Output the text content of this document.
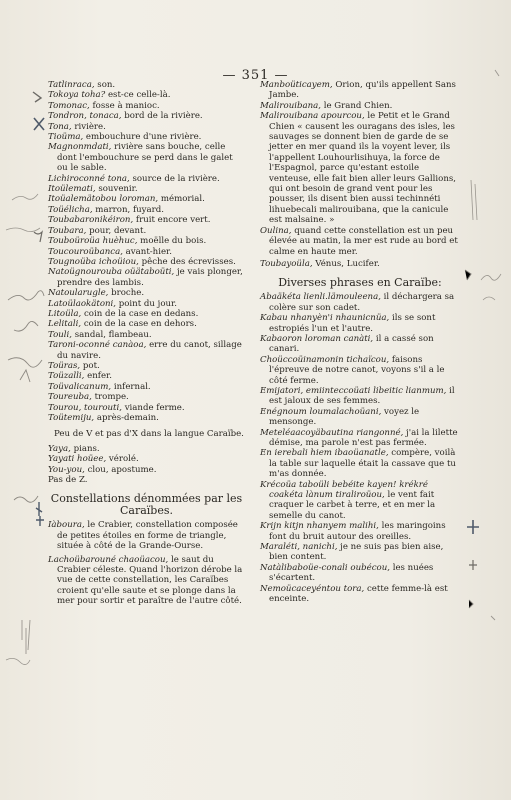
— 351 —

Tatlinraca, son.

Tokoya toha? est-ce celle-là.

Tomonac, fosse à manioc.

Tondron, tonaca, bord de la rivière.

Tona, rivière.

Tioüma, embouchure d'une rivière.

Magnonmdati, rivière sans bouche, celle dont l'embouchure se perd dans le galet ou le sable.

Lichiroconné tona, source de la rivière.

Itoülemati, souvenir.

Itoüalemätobou loroman, mémorial.

Toüélicha, marron, fuyard.

Toubabaronikéiron, fruit encore vert.

Toubara, pour, devant.

Touboüroüa huèhuc, moëlle du bois.

Toucouroübanca, avant-hier.

Tougnoüba ichoüiou, pêche des écrevisses.

Natoügnourouba oüätaboüti, je vais plonger, prendre des lambis.

Natoularugle, broche.

Latoülaokätoni, point du jour.

Litoüla, coin de la case en dedans.

Lelitali, coin de la case en dehors.

Touli, sandal, flambeau.

Taroni-oconné canàoa, erre du canot, sillage du navire.

Toüras, pot.

Toüzalli, enfer.

Toüvalicanum, infernal.

Toureuba, trompe.

Tourou, tourouti, viande ferme.

Toütemiju, après-demain.

Peu de V et pas d'X dans la langue Caraïbe.

Yaya, pians.

Yayati hoüee, vérolé.

You-you, clou, apostume.

Pas de Z.

Constellations dénommées par les Caraïbes.

Iàboura, le Crabier, constellation composée de petites étoiles en forme de triangle, située à côté de la Grande-Ourse.

Lachoübarouné chaoüacou, le saut du Crabier céleste. Quand l'horizon dérobe la vue de cette constellation, les Caraïbes croient qu'elle saute et se plonge dans la mer pour sortir et paraître de l'autre côté.

Manboüticayem, Orion, qu'ils appellent Sans Jambe.

Malirouibana, le Grand Chien.

Malirouibana apourcou, le Petit et le Grand Chien « causent les ouragans des isles, les sauvages se donnent bien de garde de se jetter en mer quand ils la voyent lever, ils l'appellent Louhourlisihuya, la force de l'Espagnol, parce qu'estant estoile venteuse, elle fait bien aller leurs Gallions, qui ont besoin de grand vent pour les pousser, ils disent bien aussi techinnéti lihuebecali malirouibana, que la canicule est malsaine. »

Oulina, quand cette constellation est un peu élevée au matin, la mer est rude au bord et calme en haute mer.

Toubayoüla, Vénus, Lucifer.

Diverses phrases en Caraïbe:

Abaäkéta lienli.lämouleena, il déchargera sa colère sur son cadet.

Kabau nhanyèn'i nhaunicnüa, ils se sont estropiés l'un et l'autre.

Kabaoron loroman canàti, il a cassé son canari.

Choüccoüinamonin tichaïcou, faisons l'épreuve de notre canot, voyons s'il a le côté ferme.

Emijatori, emiinteccoüati libeitic lianmum, il est jaloux de ses femmes.

Enégnoum loumalachoüani, voyez le mensonge.

Meteléaacoyäbautina riangonné, j'ai la lilette démise, ma parole n'est pas fermée.

En ierebali hiem ibaoüanatle, compère, voilà la table sur laquelle était la cassave que tu m'as donnée.

Krécoüa taboüli bebéite kayen! krékré coakéta lànum tiraliroüou, le vent fait craquer le carbet à terre, et en mer la semelle du canot.

Krijn kitjn nhanyem malihi, les maringoins font du bruit autour des oreilles.

Maraléti, nanichi, je ne suis pas bien aise, bien content.

Natàlibaboüe-conali oubécou, les nuées s'écartent.

Nemoücaceyéntou tora, cette femme-là est enceinte.
